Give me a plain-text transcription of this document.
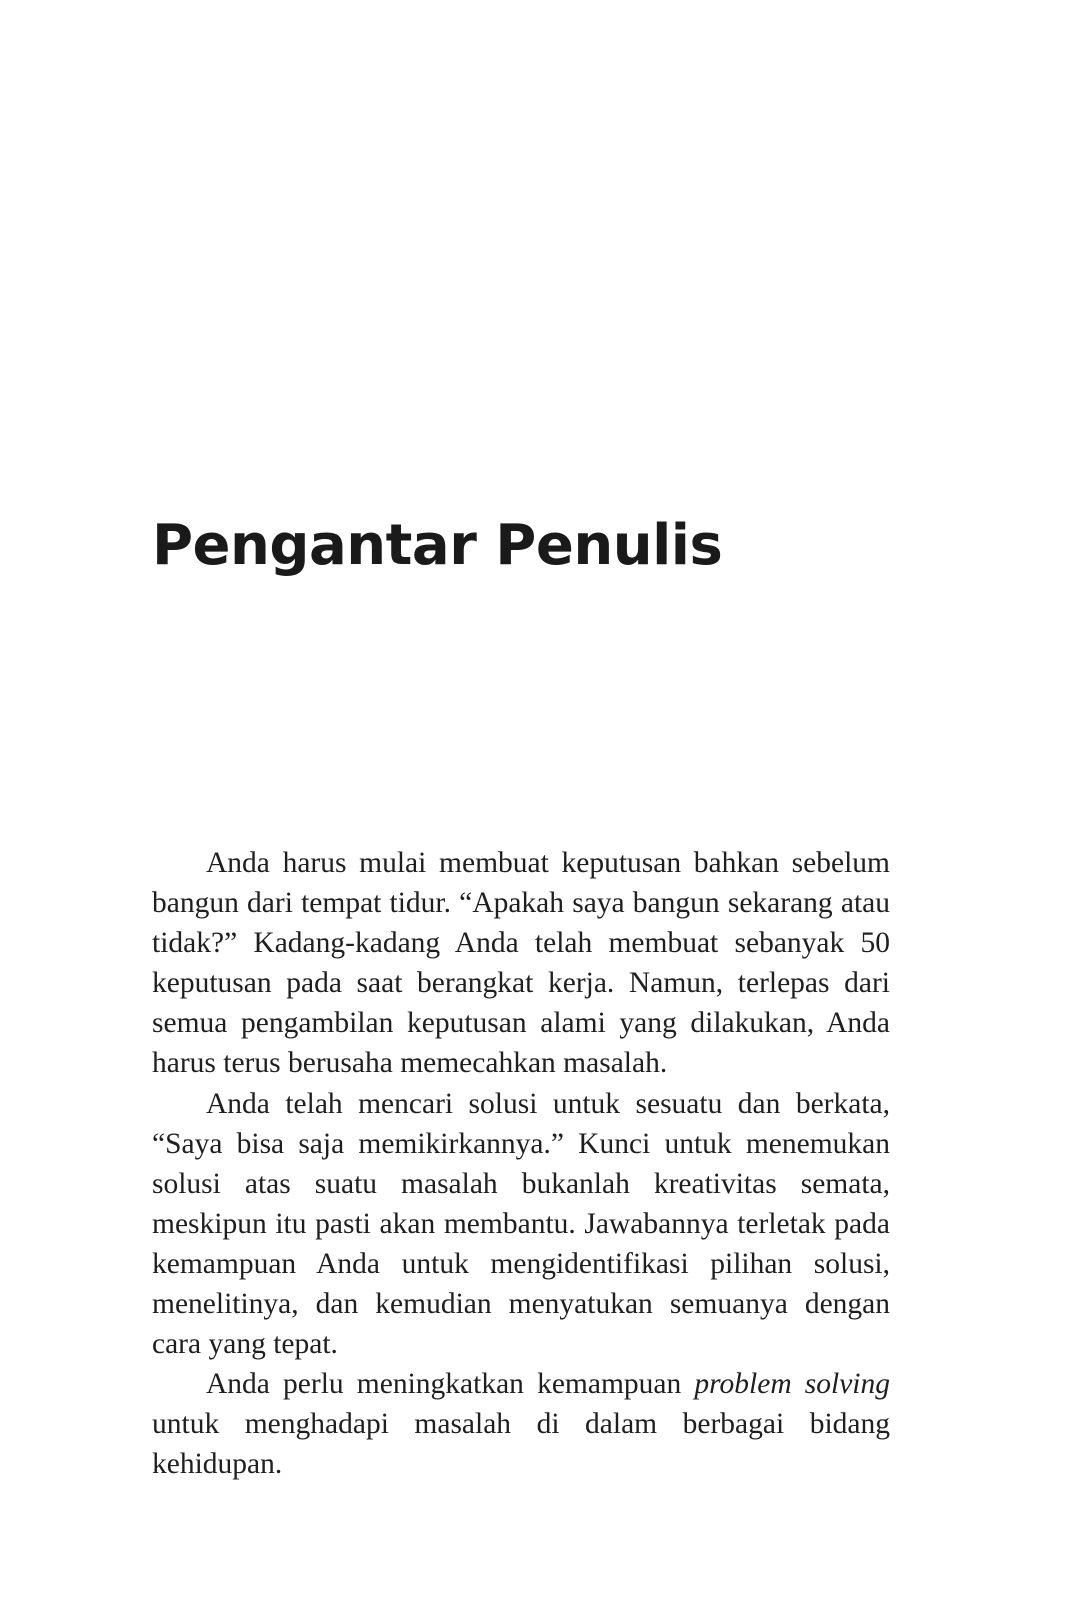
Pengantar Penulis

Anda harus mulai membuat keputusan bahkan sebelum bangun dari tempat tidur. “Apakah saya bangun sekarang atau tidak?” Kadang-kadang Anda telah membuat sebanyak 50 keputusan pada saat berangkat kerja. Namun, terlepas dari semua pengambilan keputusan alami yang dilakukan, Anda harus terus berusaha memecahkan masalah.

Anda telah mencari solusi untuk sesuatu dan berkata, “Saya bisa saja memikirkannya.” Kunci untuk menemukan solusi atas suatu masalah bukanlah kreativitas semata, meskipun itu pasti akan membantu. Jawabannya terletak pada kemampuan Anda untuk mengidentifikasi pilihan solusi, menelitinya, dan kemudian menyatukan semuanya dengan cara yang tepat.

Anda perlu meningkatkan kemampuan problem solving untuk menghadapi masalah di dalam berbagai bidang kehidupan.
